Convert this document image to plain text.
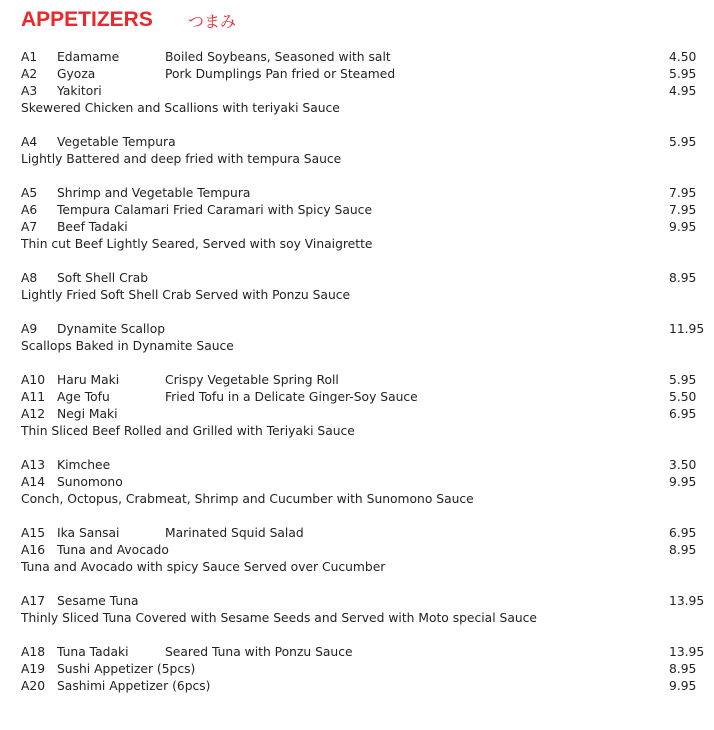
APPETIZERS つまみ
A1 Edamame	Boiled Soybeans, Seasoned with salt	4.50
A2 Gyoza	Pork Dumplings Pan fried or Steamed	5.95
A3 Yakitori	4.95
Skewered Chicken and Scallions with teriyaki Sauce
A4 Vegetable Tempura	5.95
Lightly Battered and deep fried with tempura Sauce
A5 Shrimp and Vegetable Tempura	7.95
A6 Tempura Calamari Fried Caramari with Spicy Sauce	7.95
A7 Beef Tadaki	9.95
Thin cut Beef Lightly Seared, Served with soy Vinaigrette
A8 Soft Shell Crab	8.95
Lightly Fried Soft Shell Crab Served with Ponzu Sauce
A9 Dynamite Scallop	11.95
Scallops Baked in Dynamite Sauce
A10 Haru Maki	Crispy Vegetable Spring Roll	5.95
A11 Age Tofu	Fried Tofu in a Delicate Ginger-Soy Sauce	5.50
A12 Negi Maki	6.95
Thin Sliced Beef Rolled and Grilled with Teriyaki Sauce
A13 Kimchee	3.50
A14 Sunomono	9.95
Conch, Octopus, Crabmeat, Shrimp and Cucumber with Sunomono Sauce
A15 Ika Sansai	Marinated Squid Salad	6.95
A16 Tuna and Avocado	8.95
Tuna and Avocado with spicy Sauce Served over Cucumber
A17 Sesame Tuna	13.95
Thinly Sliced Tuna Covered with Sesame Seeds and Served with Moto special Sauce
A18 Tuna Tadaki	Seared Tuna with Ponzu Sauce	13.95
A19 Sushi Appetizer (5pcs)	8.95
A20 Sashimi Appetizer (6pcs)	9.95
